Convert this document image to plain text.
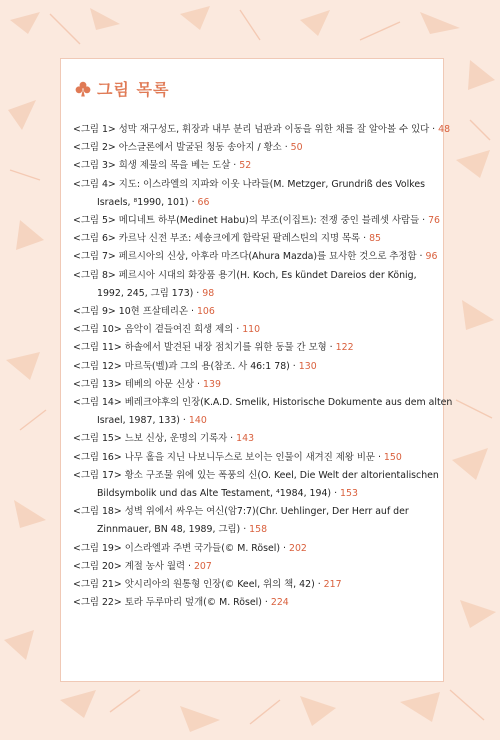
그림 목록
<그림 1> 성막 재구성도, 휘장과 내부 분리 넘판과 이동을 위한 채를 잘 알아볼 수 있다 · 48
<그림 2> 아스글론에서 발굴된 청동 송아지 / 황소 · 50
<그림 3> 희생 제물의 목을 베는 도살 · 52
<그림 4> 지도: 이스라엘의 지파와 이웃 나라들(M. Metzger, Grundriß des Volkes
Israels, ⁸1990, 101) · 66
<그림 5> 메디네트 하부(Medinet Habu)의 부조(이집트): 전쟁 중인 블레셋 사람들 · 76
<그림 6> 카르낙 신전 부조: 세숑크에게 함락된 팔레스틴의 지명 목록 · 85
<그림 7> 페르시아의 신상, 아후라 마즈다(Ahura Mazda)를 묘사한 것으로 추정함 · 96
<그림 8> 페르시아 시대의 화장품 용기(H. Koch, Es kündet Dareios der König,
1992, 245, 그림 173) · 98
<그림 9> 10현 프살테리온 · 106
<그림 10> 음악이 곁들여진 희생 제의 · 110
<그림 11> 하솔에서 발견된 내장 점치기를 위한 동물 간 모형 · 122
<그림 12> 마르둑(벨)과 그의 용(참조. 사 46:1 78) · 130
<그림 13> 테베의 아문 신상 · 139
<그림 14> 베레크야후의 인장(K.A.D. Smelik, Historische Dokumente aus dem alten
Israel, 1987, 133) · 140
<그림 15> 느보 신상, 운명의 기록자 · 143
<그림 16> 나무 홀을 지닌 나보니두스로 보이는 인물이 새겨진 제왕 비문 · 150
<그림 17> 황소 구조물 위에 있는 폭풍의 신(O. Keel, Die Welt der altorientalischen
Bildsymbolik und das Alte Testament, ⁴1984, 194) · 153
<그림 18> 성벽 위에서 싸우는 여신(암7:7)(Chr. Uehlinger, Der Herr auf der
Zinnmauer, BN 48, 1989, 그림) · 158
<그림 19> 이스라엘과 주변 국가들(© M. Rösel) · 202
<그림 20> 계절 농사 월력 · 207
<그림 21> 앗시리아의 원통형 인장(© Keel, 위의 책, 42) · 217
<그림 22> 토라 두루마리 덮개(© M. Rösel) · 224
